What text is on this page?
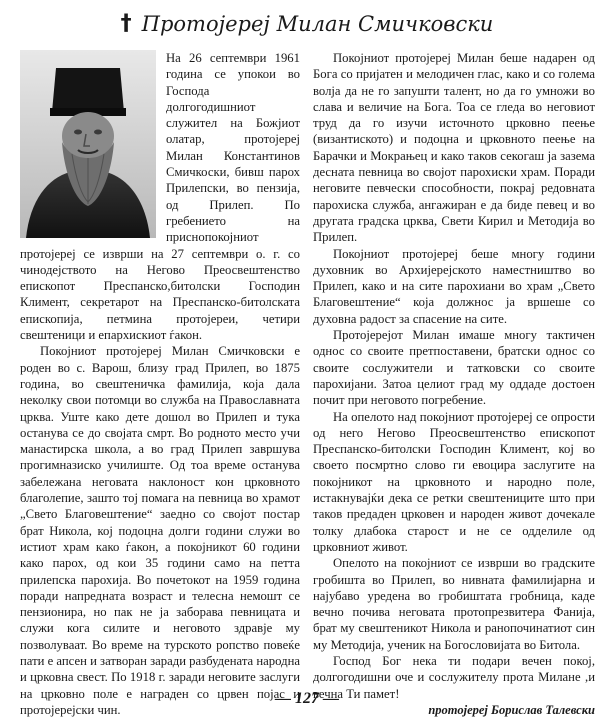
† Протојереј Милан Смичковски

На 26 септември 1961 година се упокои во Господа долгогодишниот служител на Божјиот олатар, протојереј Милан Константинов Смичкоски, бивш парох Прилепски, во пензија, од Прилеп. По гребението на приснопокојниот протојереј се изврши на 27 септември о. г. со чинодејството на Негово Преосвештенство епископот Преспанско,битолски Господин Климент, секретарот на Преспанско-битолската епископија, петмина протојереи, четири свештеници и епархискиот ѓакон.

Покојниот протојереј Милан Смичковски е роден во с. Варош, близу град Прилеп, во 1875 година, во свештеничка фамилија, која дала неколку свои потомци во служба на Православната црква. Уште како дете дошол во Прилеп и тука останува се до својата смрт. Во родното место учи манастирска школа, а во град Прилеп завршува прогимназиско училиште. Од тоа време останува забележана неговата наклоност кон црковното благолепие, заштo тој помага на певница во храмот „Свето Благовештение“ заедно со својот постар брат Никола, кој подоцна долги години служи во истиот храм како ѓакон, а покојникот 60 години како парох, од кои 35 години само на петта прилепска парохија. Во почетокот на 1959 година поради напредната возраст и телесна немошт се пензионира, но пак не ја заборава певницата и служи кога силите и неговото здравје му позволуваат. Во време на турското ропство повеќе пати е апсен и затворан заради разбудената народна и црковна свест. По 1918 г. заради неговите заслуги на црковно поле е награден со црвен појас и протојерејски чин.

Покојниот протојереј Милан беше надарен од Бога со пријатен и мелодичен глас, како и со голема волја да не го запушти талент, но да го умножи во слава и величие на Бога. Тоа се гледа во неговиот труд да го изучи источното црковно пеење (византиското) и подоцна и црковното пеење на Барачки и Мокрањец и како таков секогаш ја зазема десната певница во својот парохиски храм. Поради неговите певчески способности, покрај редовната парохиска служба, ангажиран е да биде певец и во другата градска црква, Свети Кирил и Методија во Прилеп.

Покојниот протојереј беше многу години духовник во Архијерејското наместништво во Прилеп, како и на сите парохиани во храм „Свето Благовештение“ која должнос ја вршеше со духовна радост за спасение на сите.

Протојерејот Милан имаше многу тактичен однос со своите претпоставени, братски однос со своите сослужители и татковски со своите парохијани. Затоа целиот град му оддаде достоен почит при неговото погребение.

На опелото над покојниот протојереј се опрости од него Негово Преосвештенство епископот Преспанско-битолски Господин Климент, кој во своето посмртно слово ги евоцира заслугите на покојникот на црковното и народно поле, истакнувајќи дека се ретки свештениците што при таков предаден црковен и народен живот дочекале толку длабока старост и не се одделиле од црковниот живот.

Опелото на покојниот се изврши во градските гробишта во Прилеп, во нивната фамилијарна и најубаво уредена во гробиштата гробница, каде вечно почива неговата протопрезвитера Фанија, брат му свештеникот Никола и ранопочинатиот син му Методија, ученик на Богословијата во Битола.

Господ Бог нека ти подари вечен покој, долгогодишни оче и сослужителу прота Милане ,и вечна Ти памет!

протојереј Борислав Талевски

— 127 —
